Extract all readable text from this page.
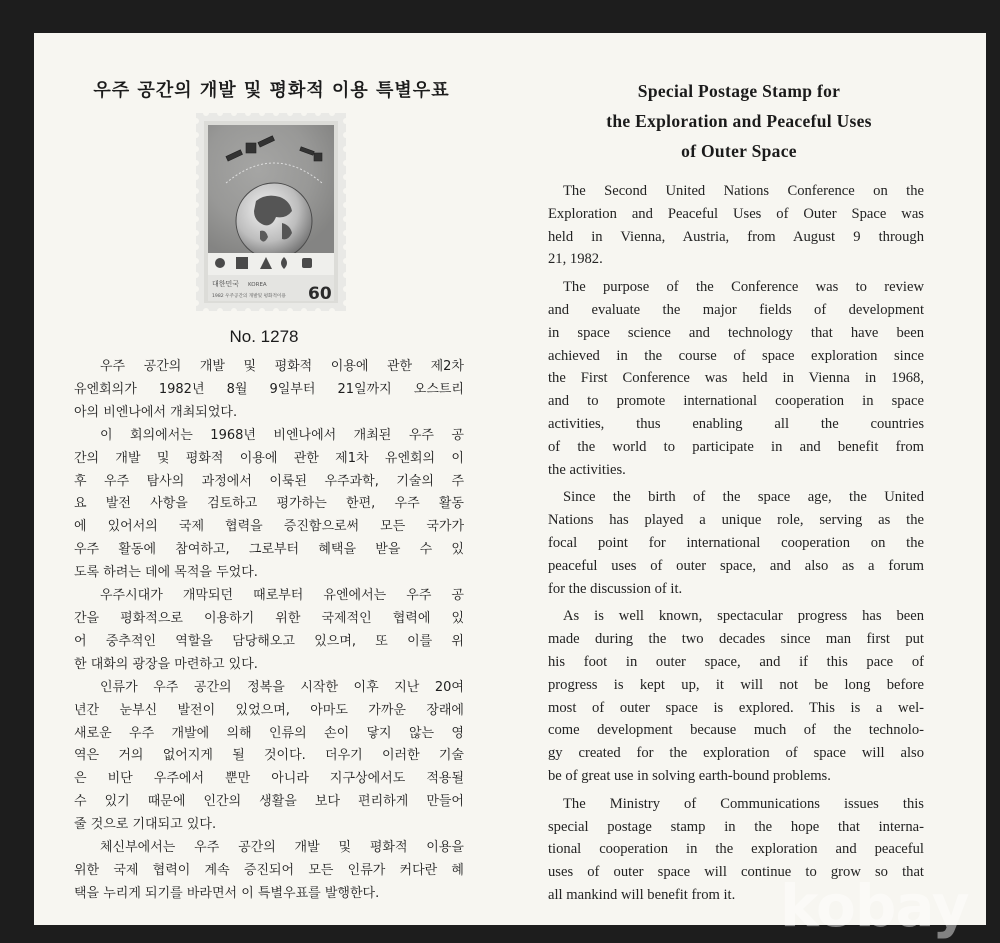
우주 공간의 개발 및 평화적 이용 특별우표
대한민국 KOREA
1982 우주공간의 개발및 평화적이용 60
No. 1278
우주 공간의 개발 및 평화적 이용에 관한 제2차
유엔회의가 1982년 8월 9일부터 21일까지 오스트리
아의 비엔나에서 개최되었다.
이 회의에서는 1968년 비엔나에서 개최된 우주 공
간의 개발 및 평화적 이용에 관한 제1차 유엔회의 이
후 우주 탐사의 과정에서 이룩된 우주과학, 기술의 주
요 발전 사항을 검토하고 평가하는 한편, 우주 활동
에 있어서의 국제 협력을 증진함으로써 모든 국가가
우주 활동에 참여하고, 그로부터 혜택을 받을 수 있
도록 하려는 데에 목적을 두었다.
우주시대가 개막되던 때로부터 유엔에서는 우주 공
간을 평화적으로 이용하기 위한 국제적인 협력에 있
어 중추적인 역할을 담당해오고 있으며, 또 이를 위
한 대화의 광장을 마련하고 있다.
인류가 우주 공간의 정복을 시작한 이후 지난 20여
년간 눈부신 발전이 있었으며, 아마도 가까운 장래에
새로운 우주 개발에 의해 인류의 손이 닿지 않는 영
역은 거의 없어지게 될 것이다. 더우기 이러한 기술
은 비단 우주에서 뿐만 아니라 지구상에서도 적용될
수 있기 때문에 인간의 생활을 보다 편리하게 만들어
줄 것으로 기대되고 있다.
체신부에서는 우주 공간의 개발 및 평화적 이용을
위한 국제 협력이 계속 증진되어 모든 인류가 커다란 혜
택을 누리게 되기를 바라면서 이 특별우표를 발행한다.
Special Postage Stamp for
the Exploration and Peaceful Uses
of Outer Space
The Second United Nations Conference on the
Exploration and Peaceful Uses of Outer Space was
held in Vienna, Austria, from August 9 through
21, 1982.
The purpose of the Conference was to review
and evaluate the major fields of development
in space science and technology that have been
achieved in the course of space exploration since
the First Conference was held in Vienna in 1968,
and to promote international cooperation in space
activities, thus enabling all the countries
of the world to participate in and benefit from
the activities.
Since the birth of the space age, the United
Nations has played a unique role, serving as the
focal point for international cooperation on the
peaceful uses of outer space, and also as a forum
for the discussion of it.
As is well known, spectacular progress has been
made during the two decades since man first put
his foot in outer space, and if this pace of
progress is kept up, it will not be long before
most of outer space is explored. This is a wel-
come development because much of the technolo-
gy created for the exploration of space will also
be of great use in solving earth-bound problems.
The Ministry of Communications issues this
special postage stamp in the hope that interna-
tional cooperation in the exploration and peaceful
uses of outer space will continue to grow so that
all mankind will benefit from it. kobay
